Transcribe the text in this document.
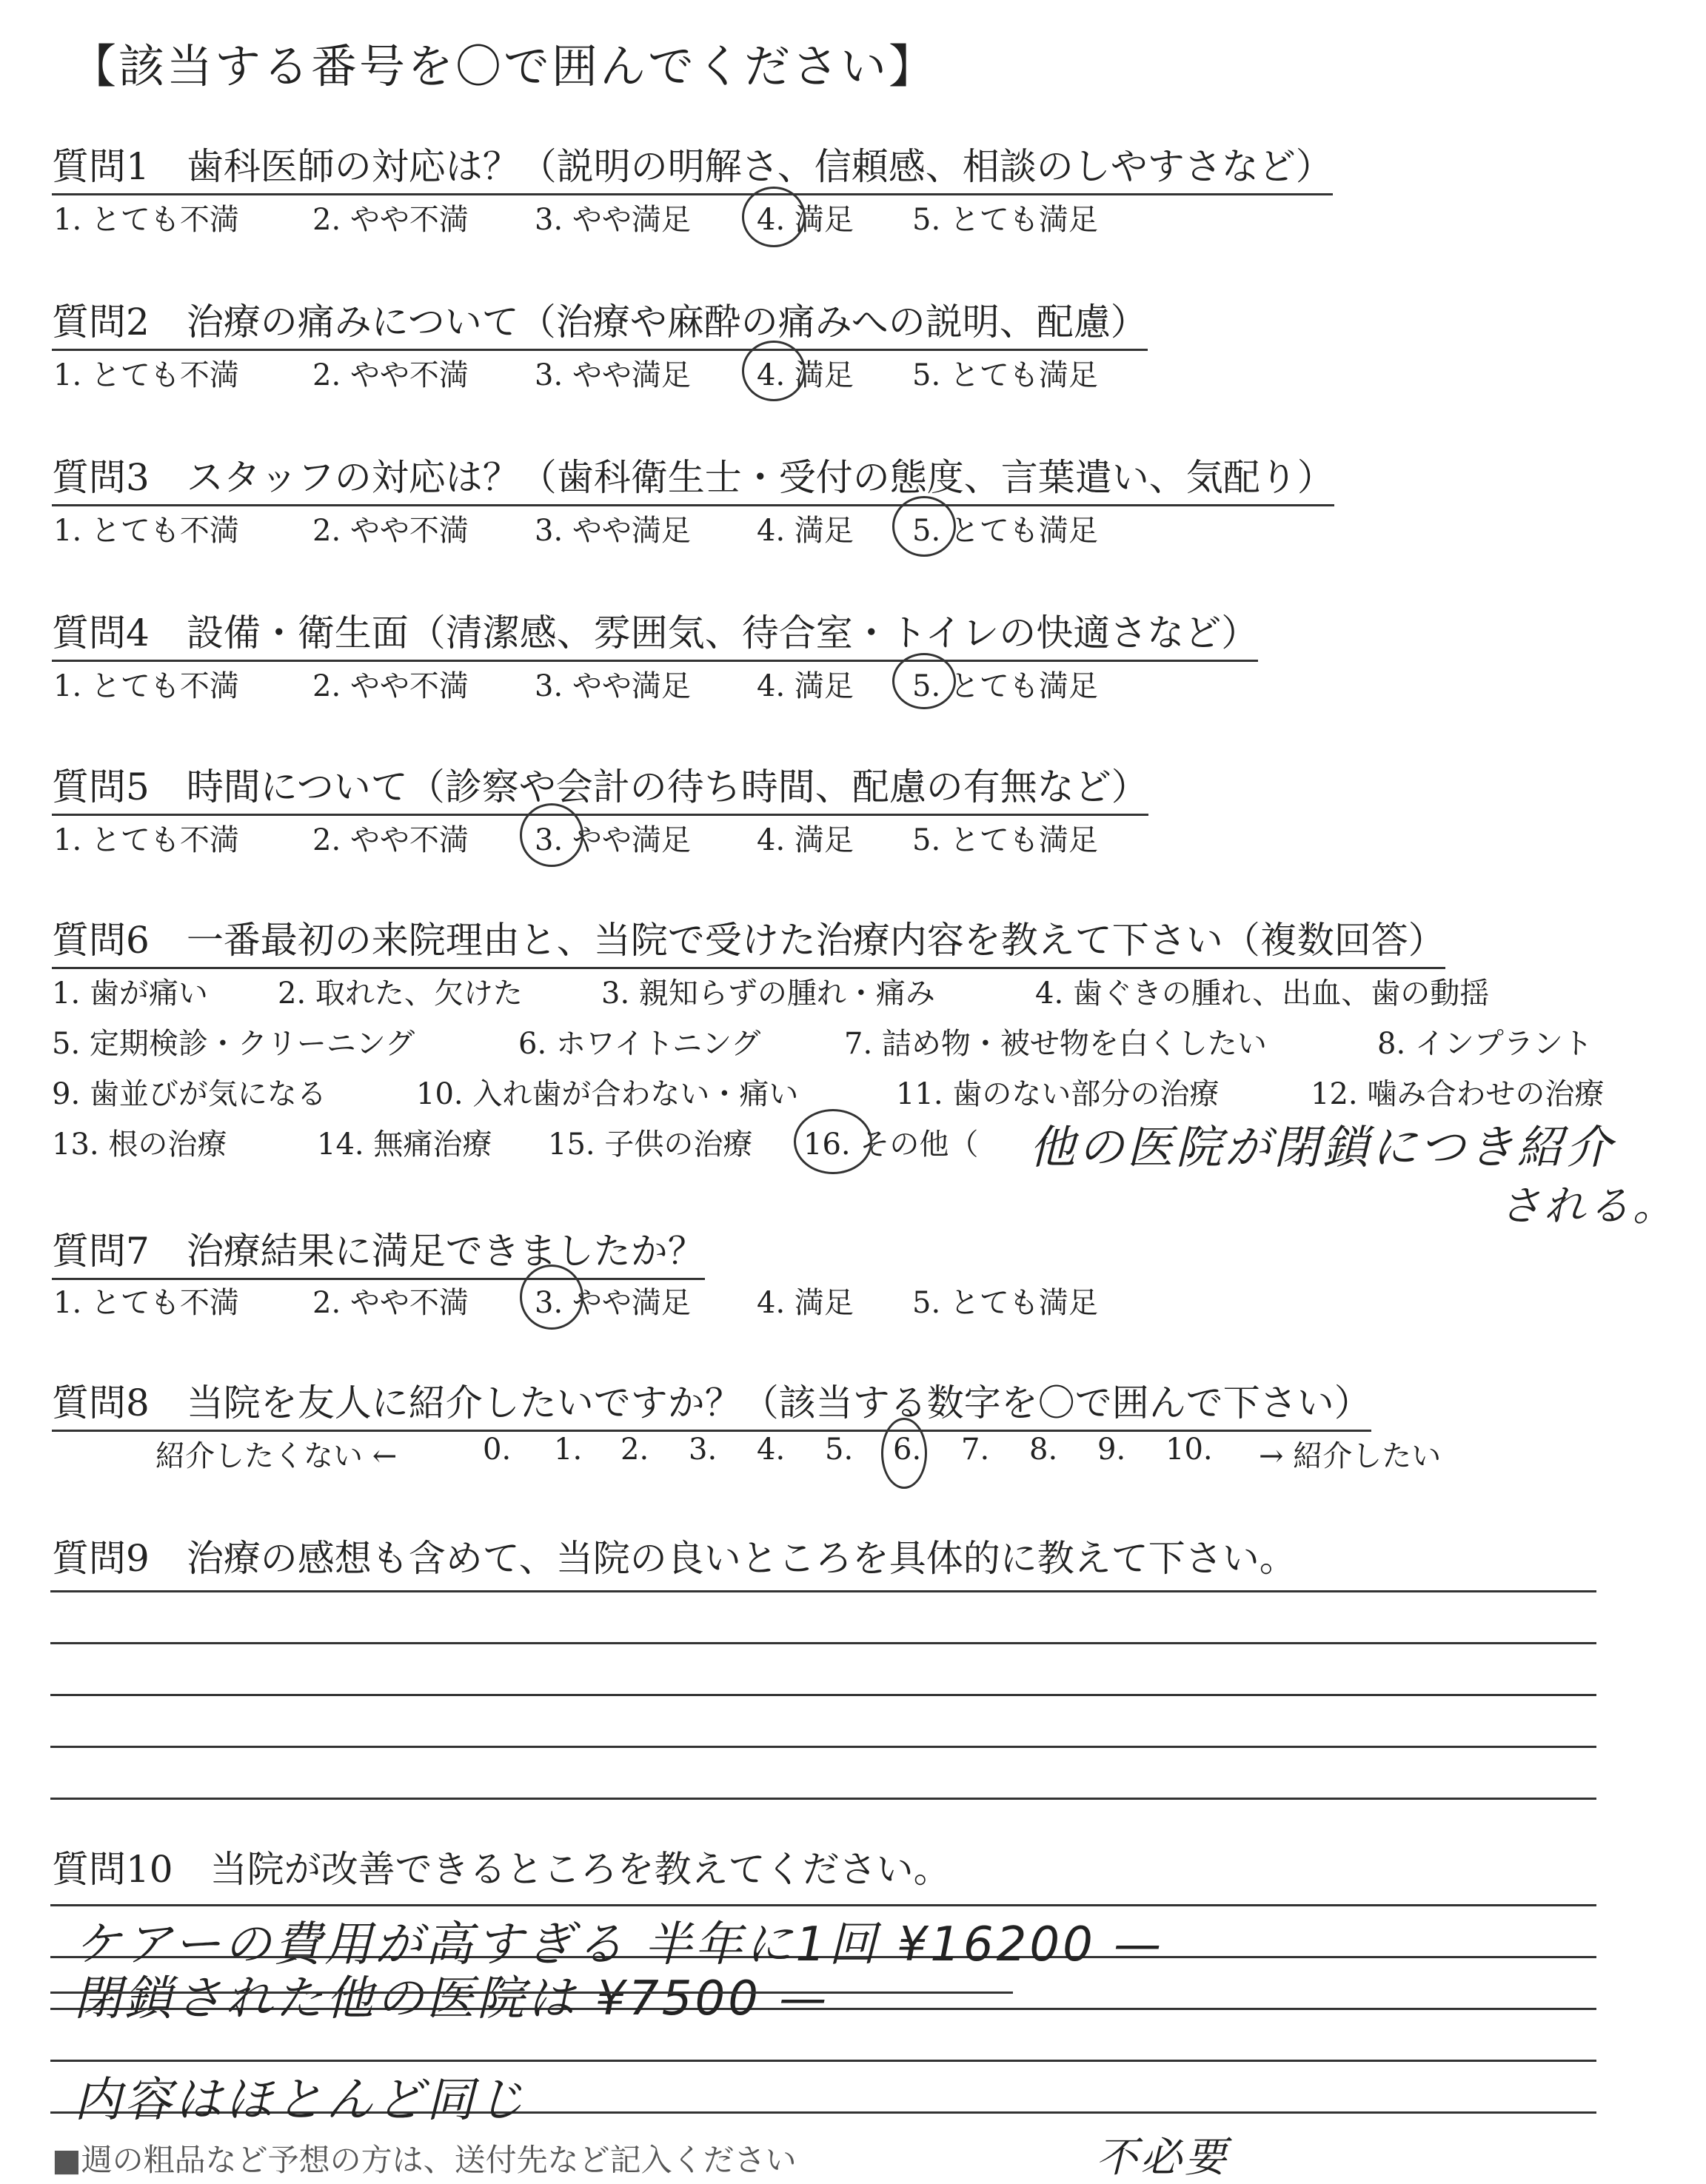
【該当する番号を〇で囲んでください】
質問1 歯科医師の対応は？（説明の明解さ、信頼感、相談のしやすさなど）
1. とても不満 2. やや不満 3. やや満足 4. 満足 5. とても満足
質問2 治療の痛みについて（治療や麻酔の痛みへの説明、配慮）
1. とても不満 2. やや不満 3. やや満足 4. 満足 5. とても満足
質問3 スタッフの対応は？（歯科衛生士・受付の態度、言葉遣い、気配り）
1. とても不満 2. やや不満 3. やや満足 4. 満足 5. とても満足
質問4 設備・衛生面（清潔感、雰囲気、待合室・トイレの快適さなど）
1. とても不満 2. やや不満 3. やや満足 4. 満足 5. とても満足
質問5 時間について（診察や会計の待ち時間、配慮の有無など）
1. とても不満 2. やや不満 3. やや満足 4. 満足 5. とても満足
質問6 一番最初の来院理由と、当院で受けた治療内容を教えて下さい（複数回答）
1. 歯が痛い 2. 取れた、欠けた	3. 親知らずの腫れ・痛み	4. 歯ぐきの腫れ、出血、歯の動揺
5. 定期検診・クリーニング	6. ホワイトニング	7. 詰め物・被せ物を白くしたい	8. インプラント
9. 歯並びが気になる	10. 入れ歯が合わない・痛い	11. 歯のない部分の治療	12. 噛み合わせの治療
13. 根の治療	14. 無痛治療 15. 子供の治療 16. その他（ 他の医院が閉鎖につき紹介
される。
質問7 治療結果に満足できましたか？
1. とても不満 2. やや不満 3. やや満足 4. 満足 5. とても満足
質問8 当院を友人に紹介したいですか？（該当する数字を〇で囲んで下さい）
紹介したくない ←	0. 1. 2. 3. 4. 5. 6. 7. 8. 9. 10. → 紹介したい
質問9 治療の感想も含めて、当院の良いところを具体的に教えて下さい。
質問10 当院が改善できるところを教えてください。
ケアーの費用が高すぎる 半年に1回 ¥16200 —
閉鎖された他の医院は ¥7500 —
内容はほとんど同じ
■週の粗品など予想の方は、送付先など記入ください	不必要
